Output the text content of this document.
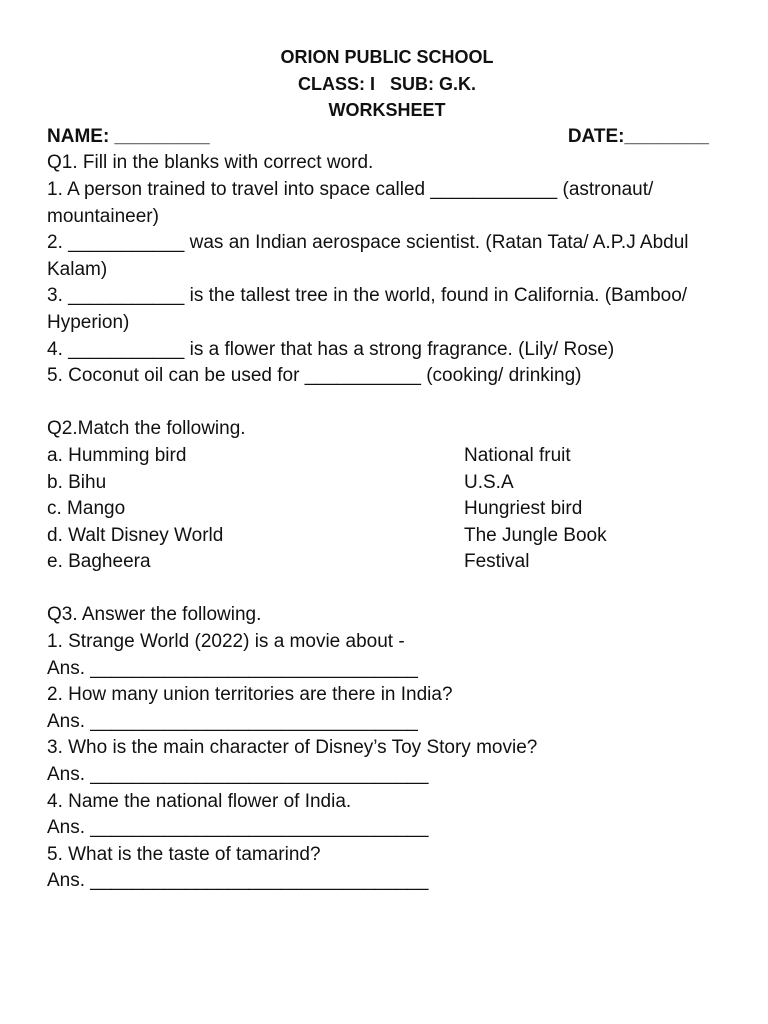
ORION PUBLIC SCHOOL
CLASS: I   SUB: G.K.
WORKSHEET
NAME: _________	DATE:________
Q1. Fill in the blanks with correct word.
1. A person trained to travel into space called ____________ (astronaut/ mountaineer)
2. ___________ was an Indian aerospace scientist. (Ratan Tata/ A.P.J Abdul Kalam)
3. ___________ is the tallest tree in the world, found in California. (Bamboo/ Hyperion)
4. ___________ is a flower that has a strong fragrance. (Lily/ Rose)
5. Coconut oil can be used for ___________ (cooking/ drinking)
Q2.Match the following.
a. Humming bird	National fruit
b. Bihu	U.S.A
c. Mango	Hungriest bird
d. Walt Disney World	The Jungle Book
e. Bagheera	Festival
Q3. Answer the following.
1. Strange World (2022) is a movie about -
Ans. _______________________________
2. How many union territories are there in India?
Ans. _______________________________
3. Who is the main character of Disney’s Toy Story movie?
Ans. ________________________________
4. Name the national flower of India.
Ans. ________________________________
5. What is the taste of tamarind?
Ans. ________________________________
